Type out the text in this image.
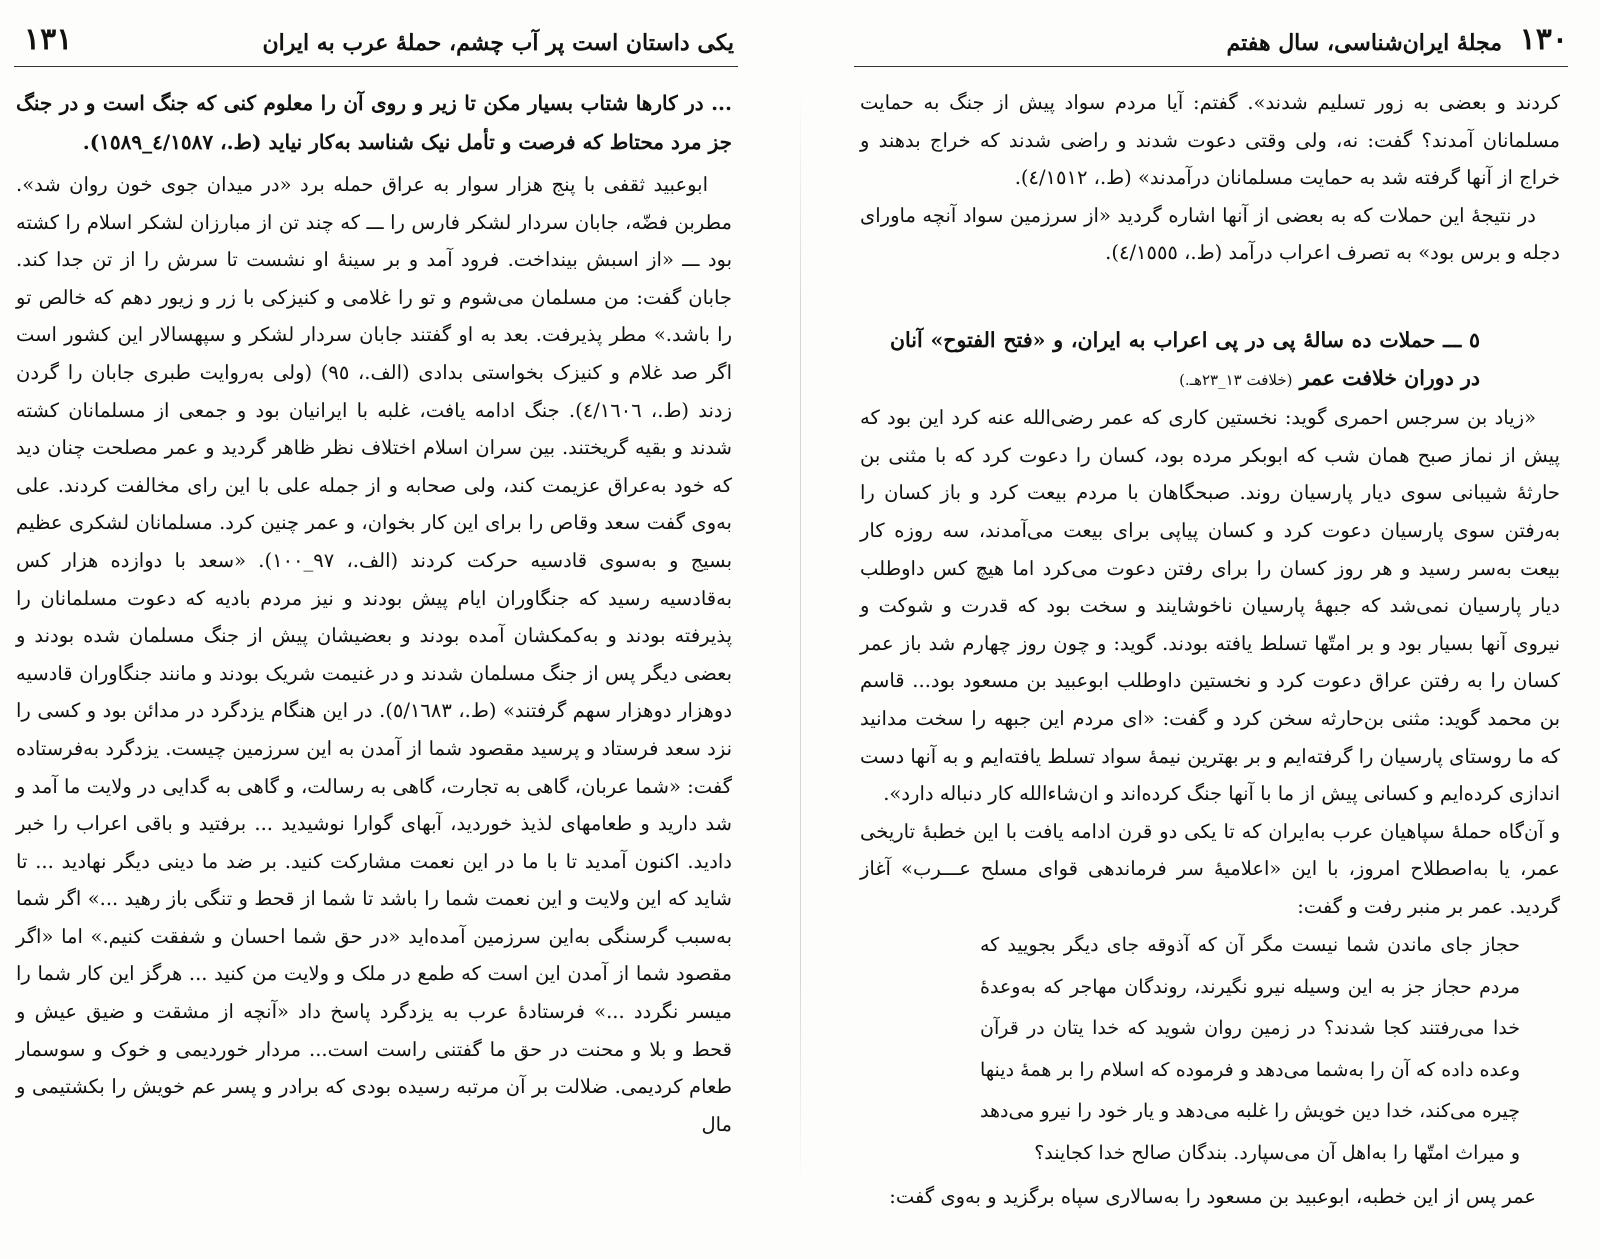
۱۳۱	یکی داستان است پر آب چشم، حملهٔ عرب به ایران

... در کارها شتاب بسیار مکن تا زیر و روی آن را معلوم کنی که جنگ است و در جنگ جز مرد محتاط که فرصت و تأمل نیک شناسد به‌کار نیاید (ط.، ٤/١٥٨٧_١٥٨٩).

ابوعبید ثقفی با پنج هزار سوار به عراق حمله برد «در میدان جوی خون روان شد». مطربن فضّه، جابان سردار لشکر فارس را ـــ که چند تن از مبارزان لشکر اسلام را کشته بود ـــ «از اسبش بینداخت. فرود آمد و بر سینهٔ او نشست تا سرش را از تن جدا کند. جابان گفت: من مسلمان می‌شوم و تو را غلامی و کنیزکی با زر و زیور دهم که خالص تو را باشد.» مطر پذیرفت. بعد به او گفتند جابان سردار لشکر و سپهسالار این کشور است اگر صد غلام و کنیزک بخواستی بدادی (الف.، ٩٥) (ولی به‌روایت طبری جابان را گردن زدند (ط.، ٤/١٦٠٦). جنگ ادامه یافت، غلبه با ایرانیان بود و جمعی از مسلمانان کشته شدند و بقیه گریختند. بین سران اسلام اختلاف نظر ظاهر گردید و عمر مصلحت چنان دید که خود به‌عراق عزیمت کند، ولی صحابه و از جمله علی با این رای مخالفت کردند. علی به‌وی گفت سعد وقاص را برای این کار بخوان، و عمر چنین کرد. مسلمانان لشکری عظیم بسیج و به‌سوی قادسیه حرکت کردند (الف.، ٩٧_١٠٠). «سعد با دوازده هزار کس به‌قادسیه رسید که جنگاوران ایام پیش بودند و نیز مردم بادیه که دعوت مسلمانان را پذیرفته بودند و به‌کمکشان آمده بودند و بعضیشان پیش از جنگ مسلمان شده بودند و بعضی دیگر پس از جنگ مسلمان شدند و در غنیمت شریک بودند و مانند جنگاوران قادسیه دوهزار دوهزار سهم گرفتند» (ط.، ٥/١٦٨٣). در این هنگام یزدگرد در مدائن بود و کسی را نزد سعد فرستاد و پرسید مقصود شما از آمدن به این سرزمین چیست. یزدگرد به‌فرستاده گفت: «شما عربان، گاهی به تجارت، گاهی به رسالت، و گاهی به گدایی در ولایت ما آمد و شد دارید و طعامهای لذیذ خوردید، آبهای گوارا نوشیدید ... برفتید و باقی اعراب را خبر دادید. اکنون آمدید تا با ما در این نعمت مشارکت کنید. بر ضد ما دینی دیگر نهادید ... تا شاید که این ولایت و این نعمت شما را باشد تا شما از قحط و تنگی باز رهید ...» اگر شما به‌سبب گرسنگی به‌این سرزمین آمده‌اید «در حق شما احسان و شفقت کنیم.» اما «اگر مقصود شما از آمدن این است که طمع در ملک و ولایت من کنید ... هرگز این کار شما را میسر نگردد ...» فرستادهٔ عرب به یزدگرد پاسخ داد «آنچه از مشقت و ضیق عیش و قحط و بلا و محنت در حق ما گفتنی راست است... مردار خوردیمی و خوک و سوسمار طعام کردیمی. ضلالت بر آن مرتبه رسیده بودی که برادر و پسر عم خویش را بکشتیمی و مال

۱۳۰
مجلهٔ ایران‌شناسی، سال هفتم

کردند و بعضی به زور تسلیم شدند». گفتم: آیا مردم سواد پیش از جنگ به حمایت مسلمانان آمدند؟ گفت: نه، ولی وقتی دعوت شدند و راضی شدند که خراج بدهند و خراج از آنها گرفته شد به حمایت مسلمانان درآمدند» (ط.، ٤/١٥١٢).

در نتیجهٔ این حملات که به بعضی از آنها اشاره گردید «از سرزمین سواد آنچه ماورای دجله و برس بود» به تصرف اعراب درآمد (ط.، ٤/١٥٥٥).

٥ ـــ حملات ده سالهٔ پی در پی اعراب به ایران، و «فتح الفتوح» آنان در دوران خلافت عمر (خلافت ١٣_٢٣هـ.)

«زیاد بن سرجس احمری گوید: نخستین کاری که عمر رضی‌الله عنه کرد این بود که پیش از نماز صبح همان شب که ابوبکر مرده بود، کسان را دعوت کرد که با مثنی بن حارثهٔ شیبانی سوی دیار پارسیان روند. صبحگاهان با مردم بیعت کرد و باز کسان را به‌رفتن سوی پارسیان دعوت کرد و کسان پیاپی برای بیعت می‌آمدند، سه روزه کار بیعت به‌سر رسید و هر روز کسان را برای رفتن دعوت می‌کرد اما هیچ کس داوطلب دیار پارسیان نمی‌شد که جبههٔ پارسیان ناخوشایند و سخت بود که قدرت و شوکت و نیروی آنها بسیار بود و بر امتّها تسلط یافته بودند. گوید: و چون روز چهارم شد باز عمر کسان را به رفتن عراق دعوت کرد و نخستین داوطلب ابوعبید بن مسعود بود... قاسم بن محمد گوید: مثنی بن‌حارثه سخن کرد و گفت: «ای مردم این جبهه را سخت مدانید که ما روستای پارسیان را گرفته‌ایم و بر بهترین نیمهٔ سواد تسلط یافته‌ایم و به آنها دست اندازی کرده‌ایم و کسانی پیش از ما با آنها جنگ کرده‌اند و ان‌شاءالله کار دنباله دارد».

و آن‌گاه حملهٔ سپاهیان عرب به‌ایران که تا یکی دو قرن ادامه یافت با این خطبهٔ تاریخی عمر، یا به‌اصطلاح امروز، با این «اعلامیهٔ سر فرماندهی قوای مسلح عـــرب» آغاز گردید. عمر بر منبر رفت و گفت:

حجاز جای ماندن شما نیست مگر آن که آذوقه جای دیگر بجویید که مردم حجاز جز به این وسیله نیرو نگیرند، روندگان مهاجر که به‌وعدهٔ خدا می‌رفتند کجا شدند؟ در زمین روان شوید که خدا یتان در قرآن وعده داده که آن را به‌شما می‌دهد و فرموده که اسلام را بر همهٔ دینها چیره می‌کند، خدا دین خویش را غلبه می‌دهد و یار خود را نیرو می‌دهد و میراث امتّها را به‌اهل آن می‌سپارد. بندگان صالح خدا کجایند؟

عمر پس از این خطبه، ابوعبید بن مسعود را به‌سالاری سپاه برگزید و به‌وی گفت:
